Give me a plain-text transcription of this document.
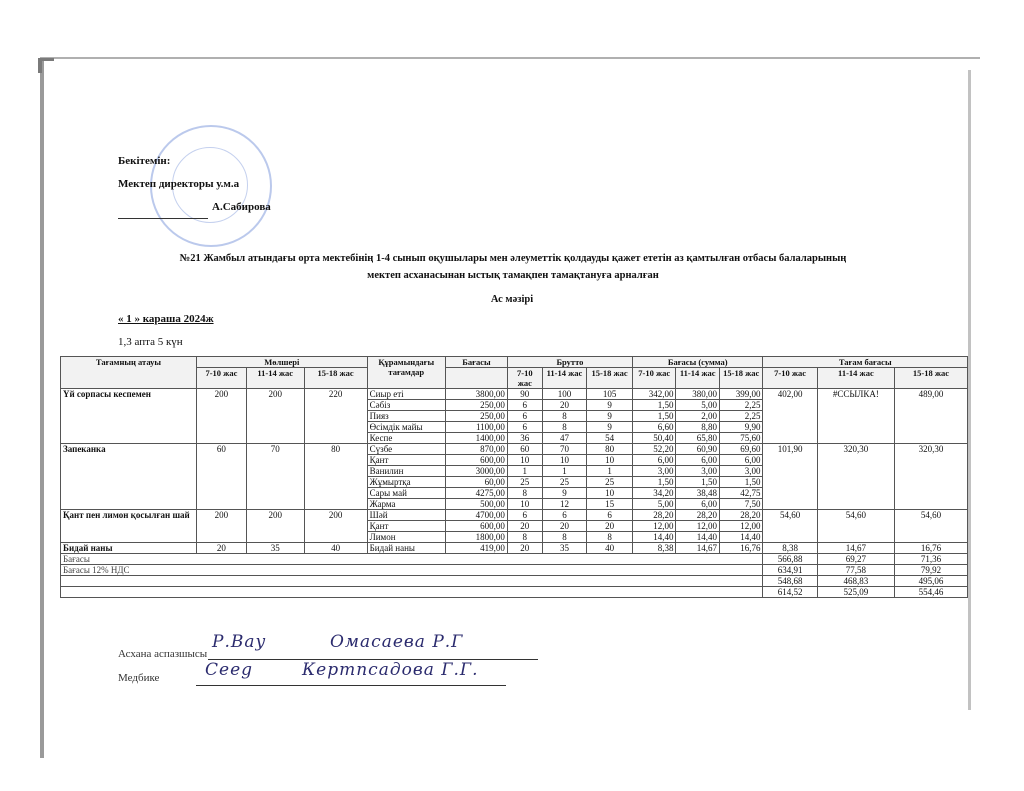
Бекітемін:
Мектеп директоры у.м.а
А.Сабирова
№21 Жамбыл атындағы орта мектебінің 1-4 сынып оқушылары мен әлеуметтік қолдауды қажет ететін аз қамтылған отбасы балаларының
мектеп асханасынан ыстық тамақпен тамақтануға арналған
Ас мәзірі
« 1 » караша 2024ж
1,3 апта 5 күн
Тағамның атауы	Мөлшері			Құрамындағы тағамдар	Бағасы	Брутто			Бағасы (сумма)			Тағам бағасы		
	7-10 жас	11-14 жас	15-18 жас			7-10 жас	11-14 жас	15-18 жас	7-10 жас	11-14 жас	15-18 жас	7-10 жас	11-14 жас	15-18 жас
Үй сорпасы кеспемен	200	200	220	Сиыр еті	3800,00	90	100	105	342,00	380,00	399,00	402,00	#ССЫЛКА!	489,00
				Сәбіз	250,00	6	20	9	1,50	5,00	2,25			
				Пияз	250,00	6	8	9	1,50	2,00	2,25			
				Өсімдік майы	1100,00	6	8	9	6,60	8,80	9,90			
				Кеспе	1400,00	36	47	54	50,40	65,80	75,60			
Запеканка	60	70	80	Сүзбе	870,00	60	70	80	52,20	60,90	69,60	101,90	320,30	320,30
				Қант	600,00	10	10	10	6,00	6,00	6,00			
				Ванилин	3000,00	1	1	1	3,00	3,00	3,00			
				Жұмыртқа	60,00	25	25	25	1,50	1,50	1,50			
				Сары май	4275,00	8	9	10	34,20	38,48	42,75			
				Жарма	500,00	10	12	15	5,00	6,00	7,50			
Қант пен лимон қосылған шай	200	200	200	Шәй	4700,00	6	6	6	28,20	28,20	28,20	54,60	54,60	54,60
				Қант	600,00	20	20	20	12,00	12,00	12,00			
				Лимон	1800,00	8	8	8	14,40	14,40	14,40			
Бидай наны	20	35	40	Бидай наны	419,00	20	35	40	8,38	14,67	16,76	8,38	14,67	16,76
Бағасы												566,88	69,27	71,36
Бағасы 12% НДС												634,91	77,58	79,92
												548,68	468,83	495,06
												614,52	525,09	554,46
Асхана аспазшысы
Р.Вау	Омасаева Р.Г
Медбике	Ceeg	Кертпсадова Г.Г.
